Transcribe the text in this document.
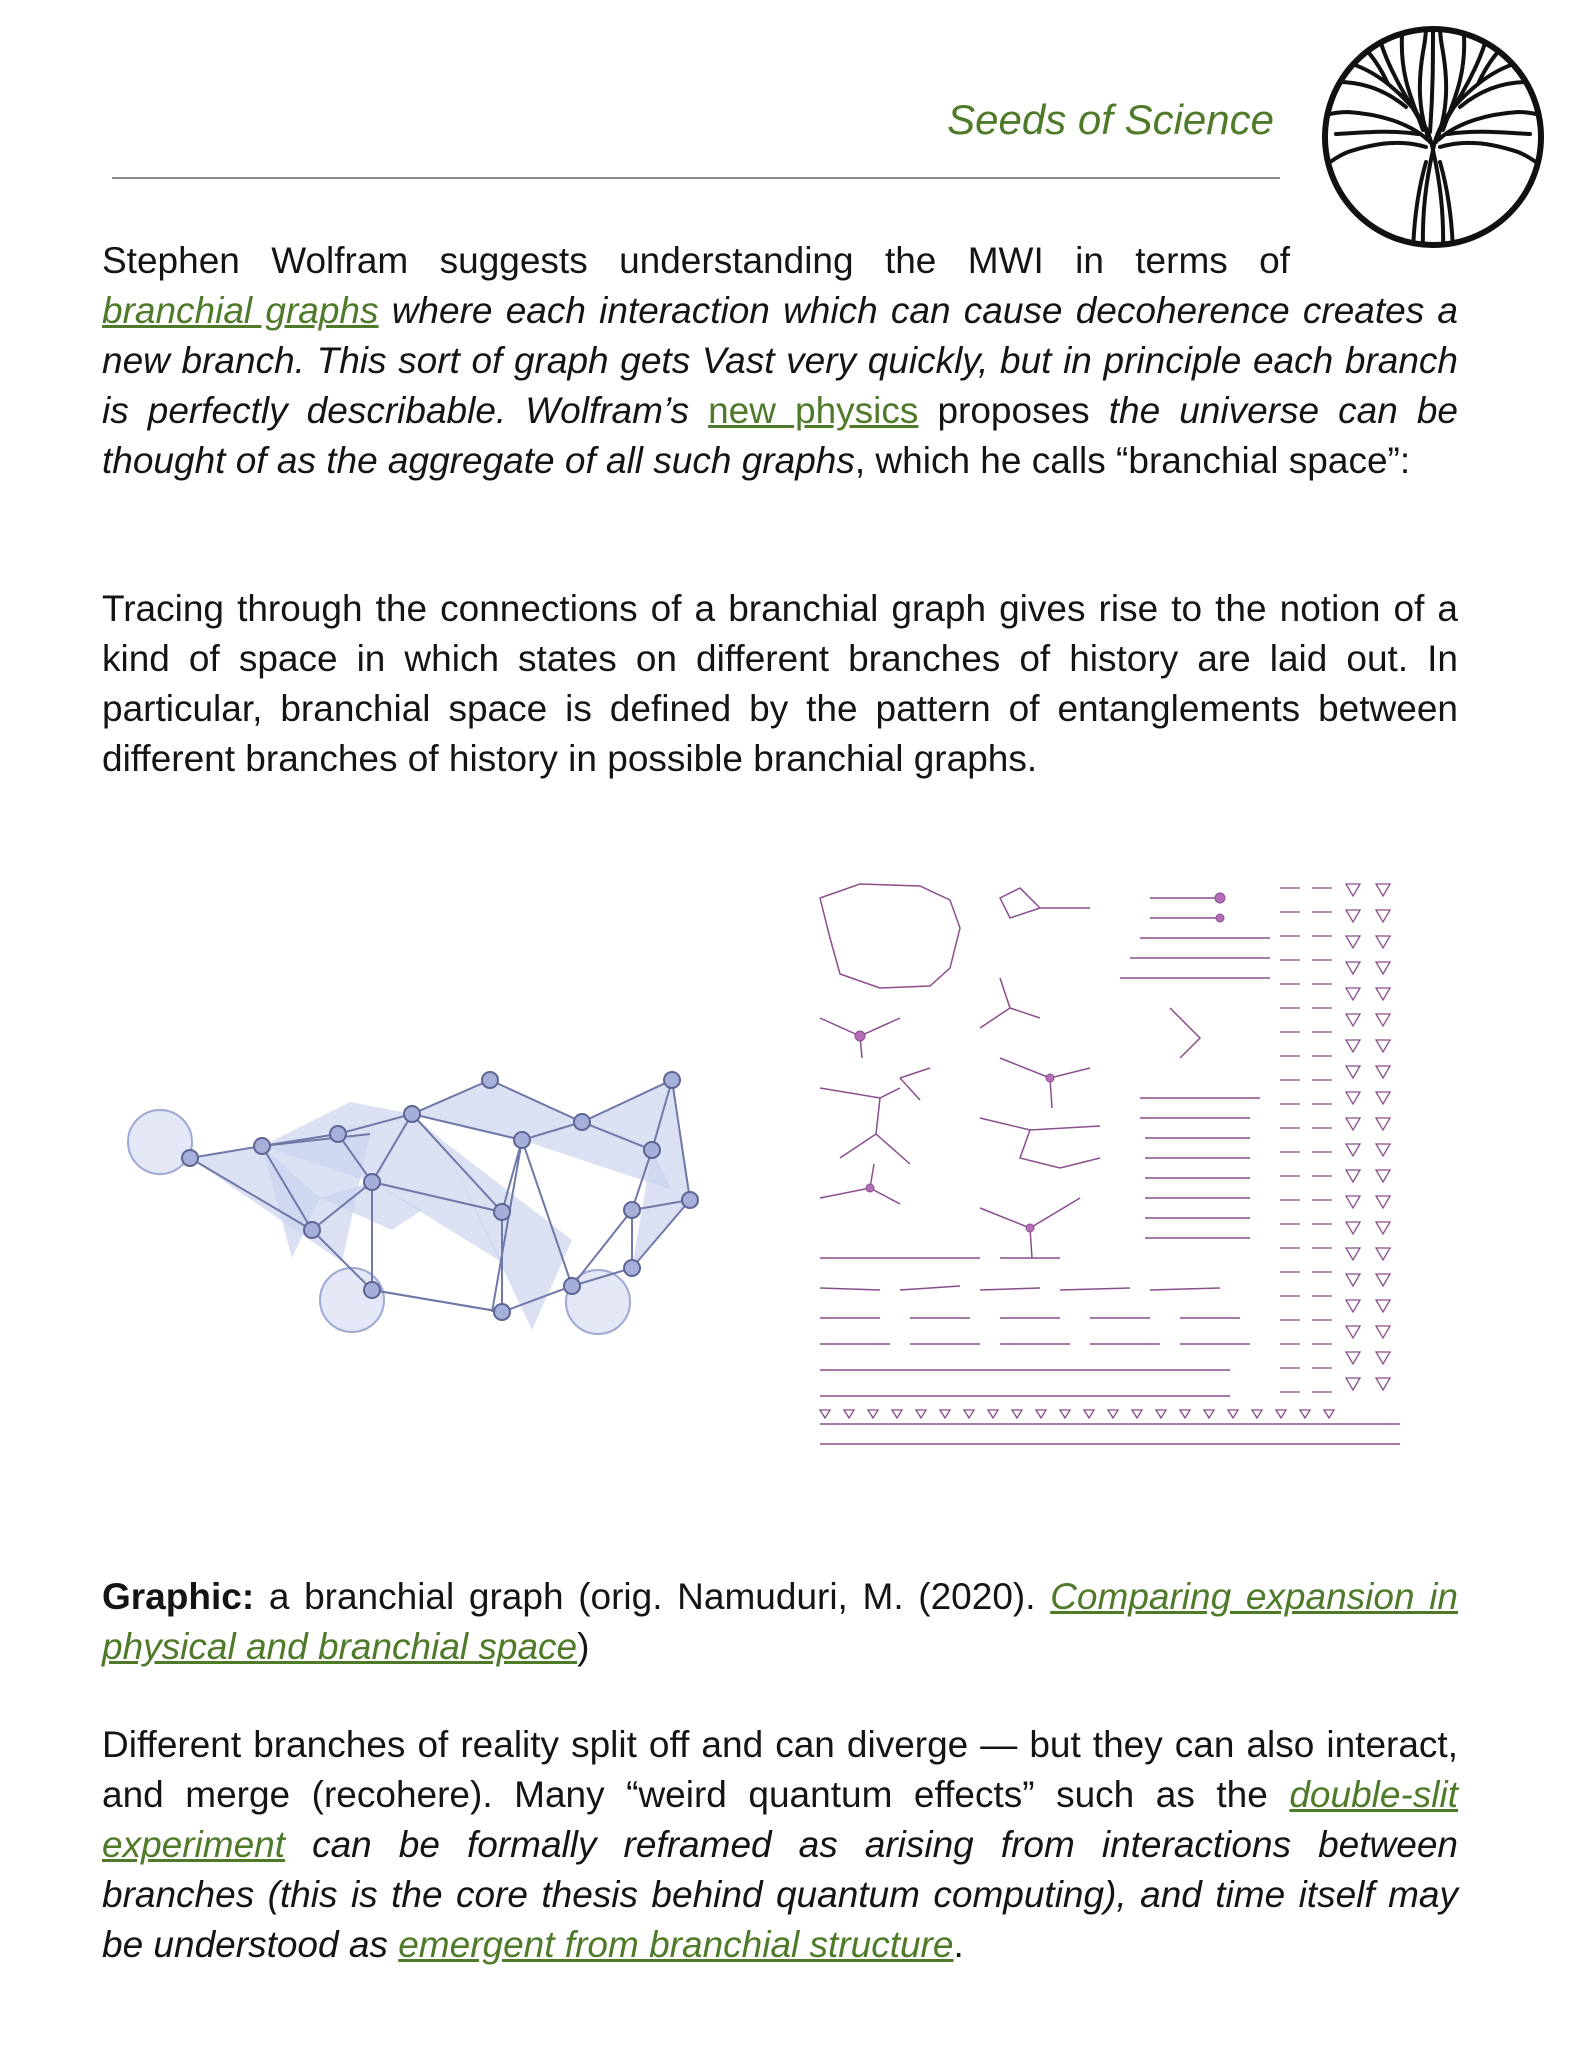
Seeds of Science

Stephen Wolfram suggests understanding the MWI in terms of
branchial graphs where each interaction which can cause decoherence creates a new branch. This sort of graph gets Vast very quickly, but in principle each branch is perfectly describable. Wolfram’s new physics proposes the universe can be thought of as the aggregate of all such graphs, which he calls “branchial space”:

Tracing through the connections of a branchial graph gives rise to the notion of a kind of space in which states on different branches of history are laid out. In particular, branchial space is defined by the pattern of entanglements between different branches of history in possible branchial graphs.

Graphic: a branchial graph (orig. Namuduri, M. (2020). Comparing expansion in physical and branchial space)

Different branches of reality split off and can diverge — but they can also interact, and merge (recohere). Many “weird quantum effects” such as the double-slit experiment can be formally reframed as arising from interactions between branches (this is the core thesis behind quantum computing), and time itself may be understood as emergent from branchial structure.
